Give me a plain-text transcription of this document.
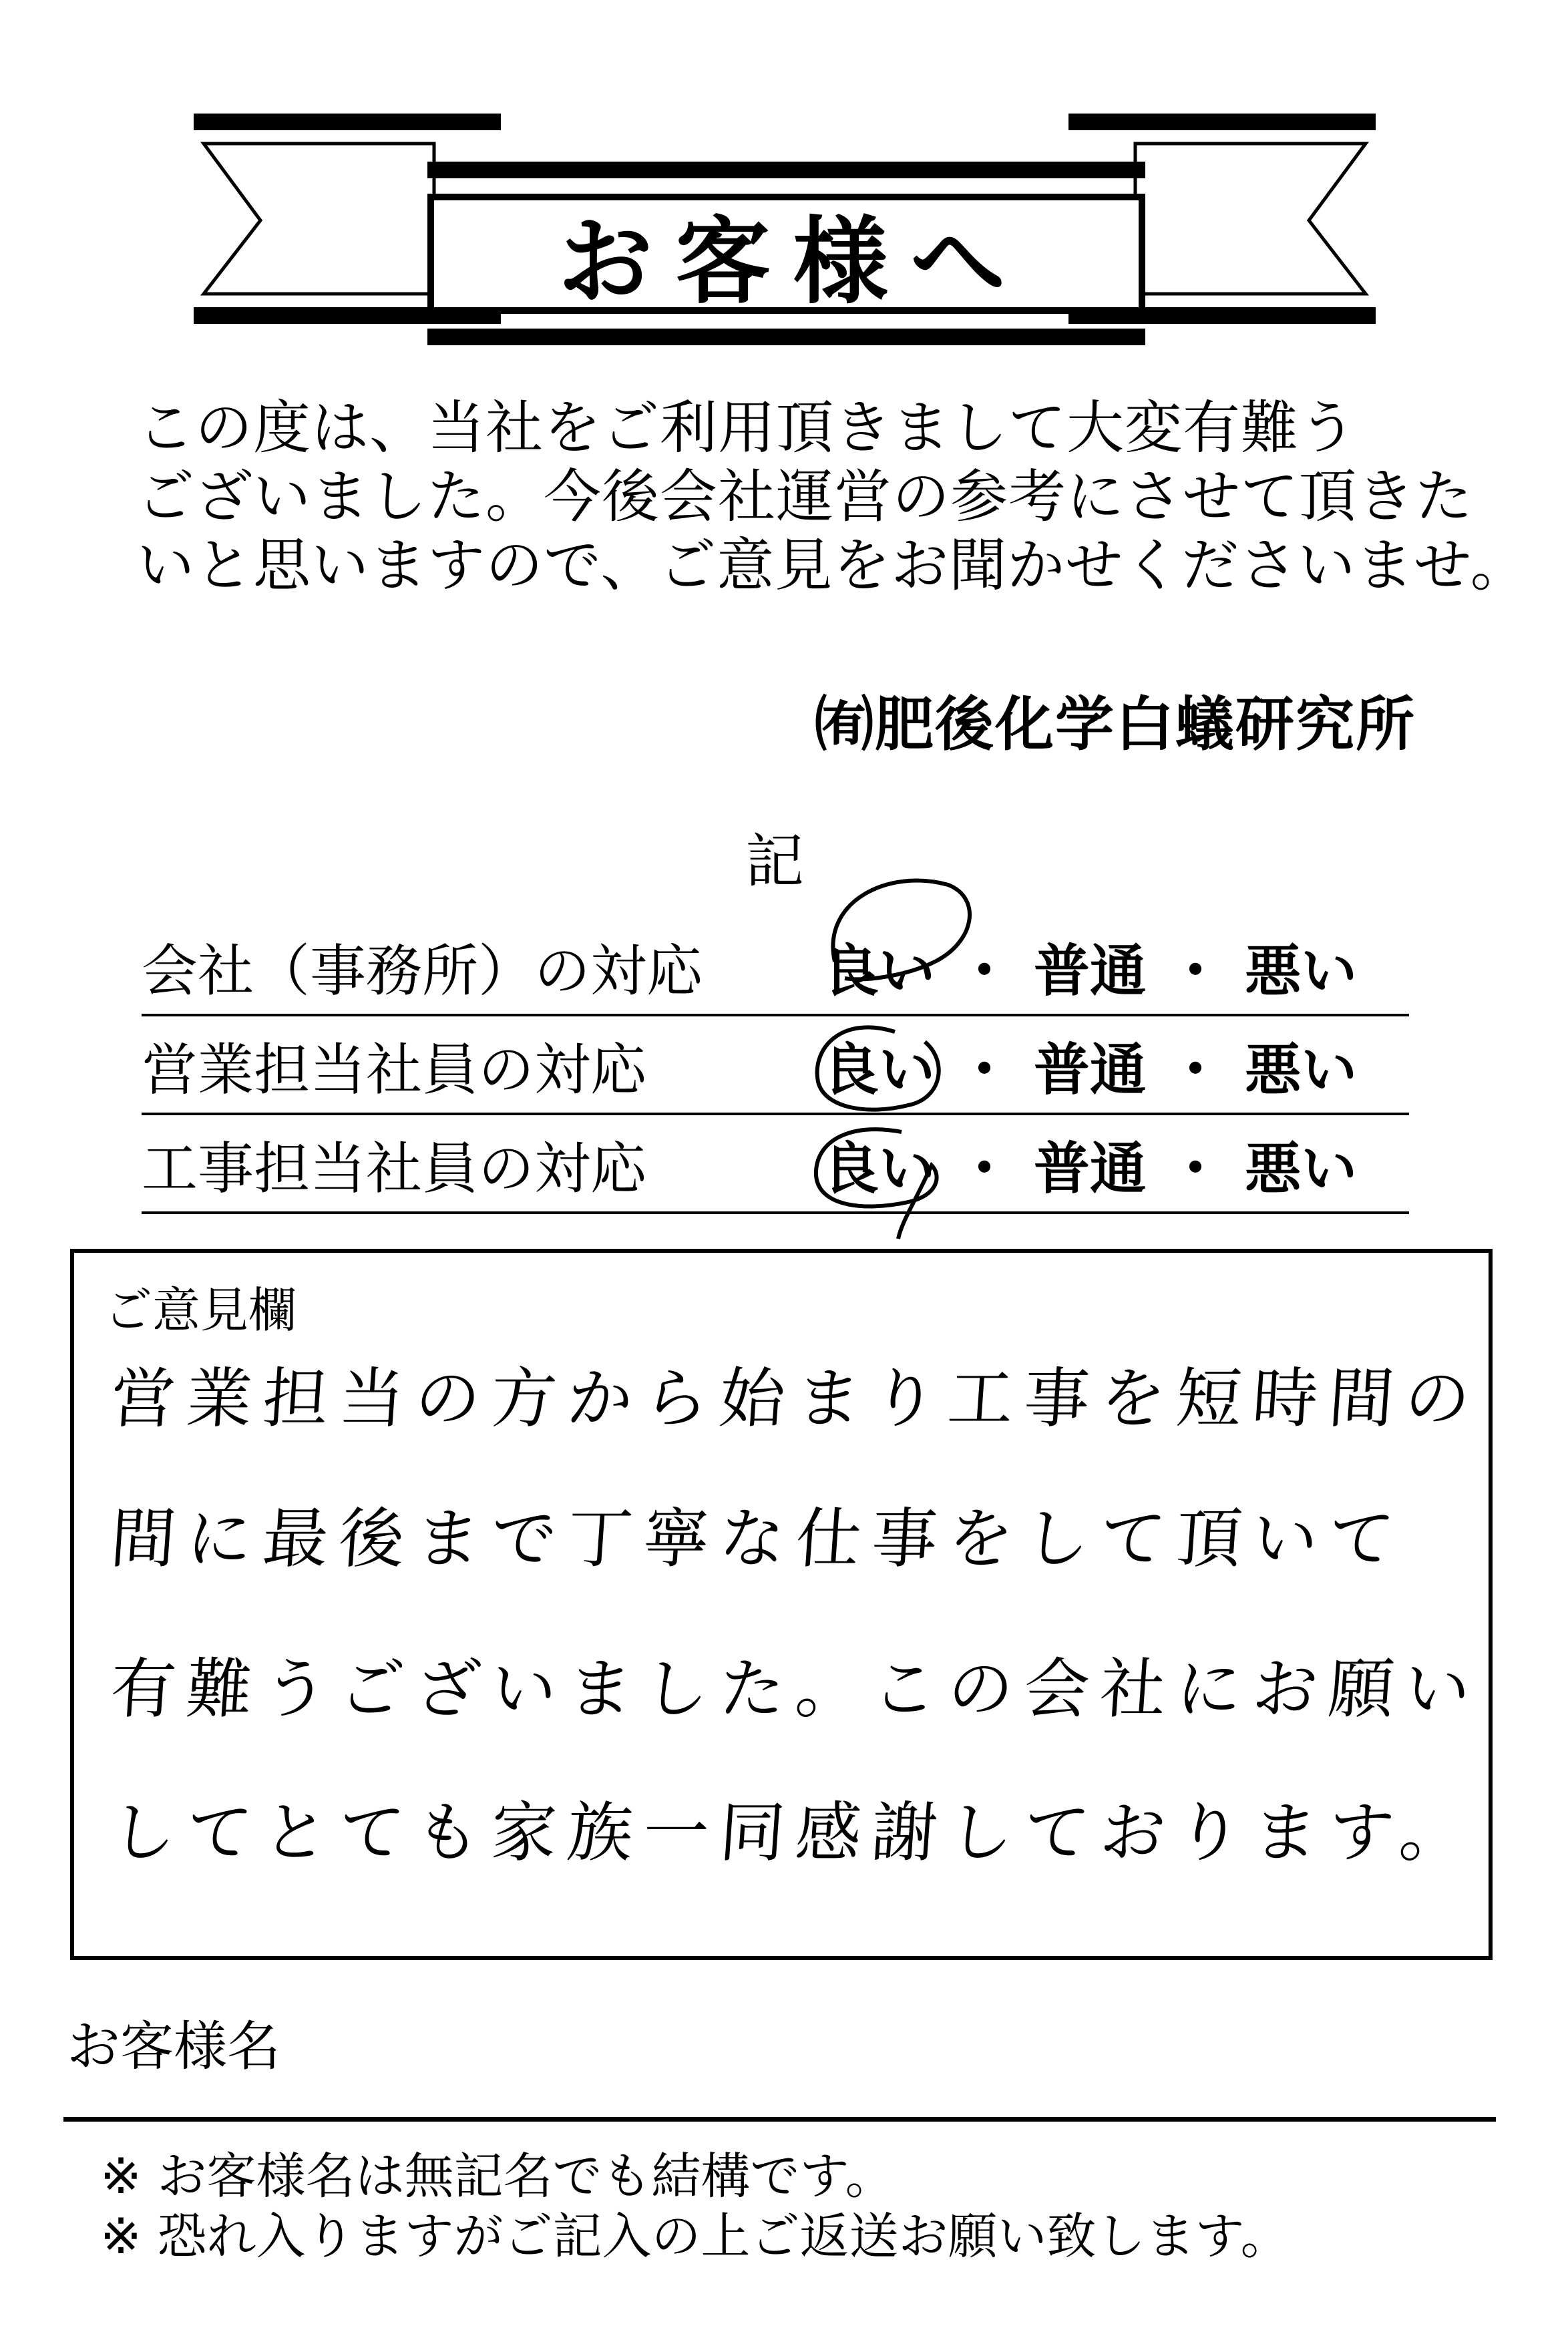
お客様へ
この度は、当社をご利用頂きまして大変有難う
ございました。今後会社運営の参考にさせて頂きた
いと思いますので、ご意見をお聞かせくださいませ。
㈲肥後化学白蟻研究所
記
会社（事務所）の対応 良い ・ 普通 ・ 悪い
営業担当社員の対応	良い ・ 普通 ・ 悪い
工事担当社員の対応	良い ・ 普通 ・ 悪い
ご意見欄
営業担当の方から始まり工事を短時間の
間に最後まで丁寧な仕事をして頂いて
有難うございました。この会社にお願い
してとても家族一同感謝しております。
お客様名
※ お客様名は無記名でも結構です。
※ 恐れ入りますがご記入の上ご返送お願い致します。
